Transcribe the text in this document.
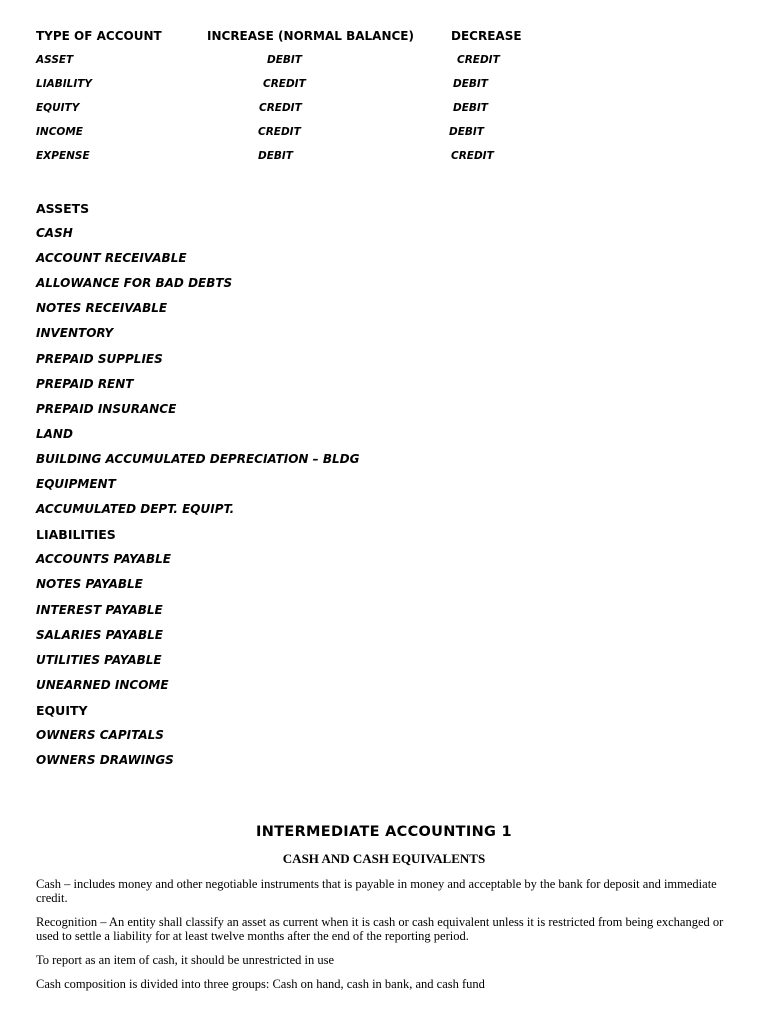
TYPE OF ACCOUNT	INCREASE (NORMAL BALANCE)	DECREASE
ASSET	DEBIT	CREDIT
LIABILITY	CREDIT	DEBIT
EQUITY	CREDIT	DEBIT
INCOME	CREDIT	DEBIT
EXPENSE	DEBIT	CREDIT
ASSETS
CASH
ACCOUNT RECEIVABLE
ALLOWANCE FOR BAD DEBTS
NOTES RECEIVABLE
INVENTORY
PREPAID SUPPLIES
PREPAID RENT
PREPAID INSURANCE
LAND
BUILDING ACCUMULATED DEPRECIATION – BLDG
EQUIPMENT
ACCUMULATED DEPT. EQUIPT.
LIABILITIES
ACCOUNTS PAYABLE
NOTES PAYABLE
INTEREST PAYABLE
SALARIES PAYABLE
UTILITIES PAYABLE
UNEARNED INCOME
EQUITY
OWNERS CAPITALS
OWNERS DRAWINGS
INTERMEDIATE ACCOUNTING 1
CASH AND CASH EQUIVALENTS
Cash – includes money and other negotiable instruments that is payable in money and acceptable by the bank for deposit and immediate credit.
Recognition – An entity shall classify an asset as current when it is cash or cash equivalent unless it is restricted from being exchanged or used to settle a liability for at least twelve months after the end of the reporting period.
To report as an item of cash, it should be unrestricted in use
Cash composition is divided into three groups: Cash on hand, cash in bank, and cash fund
